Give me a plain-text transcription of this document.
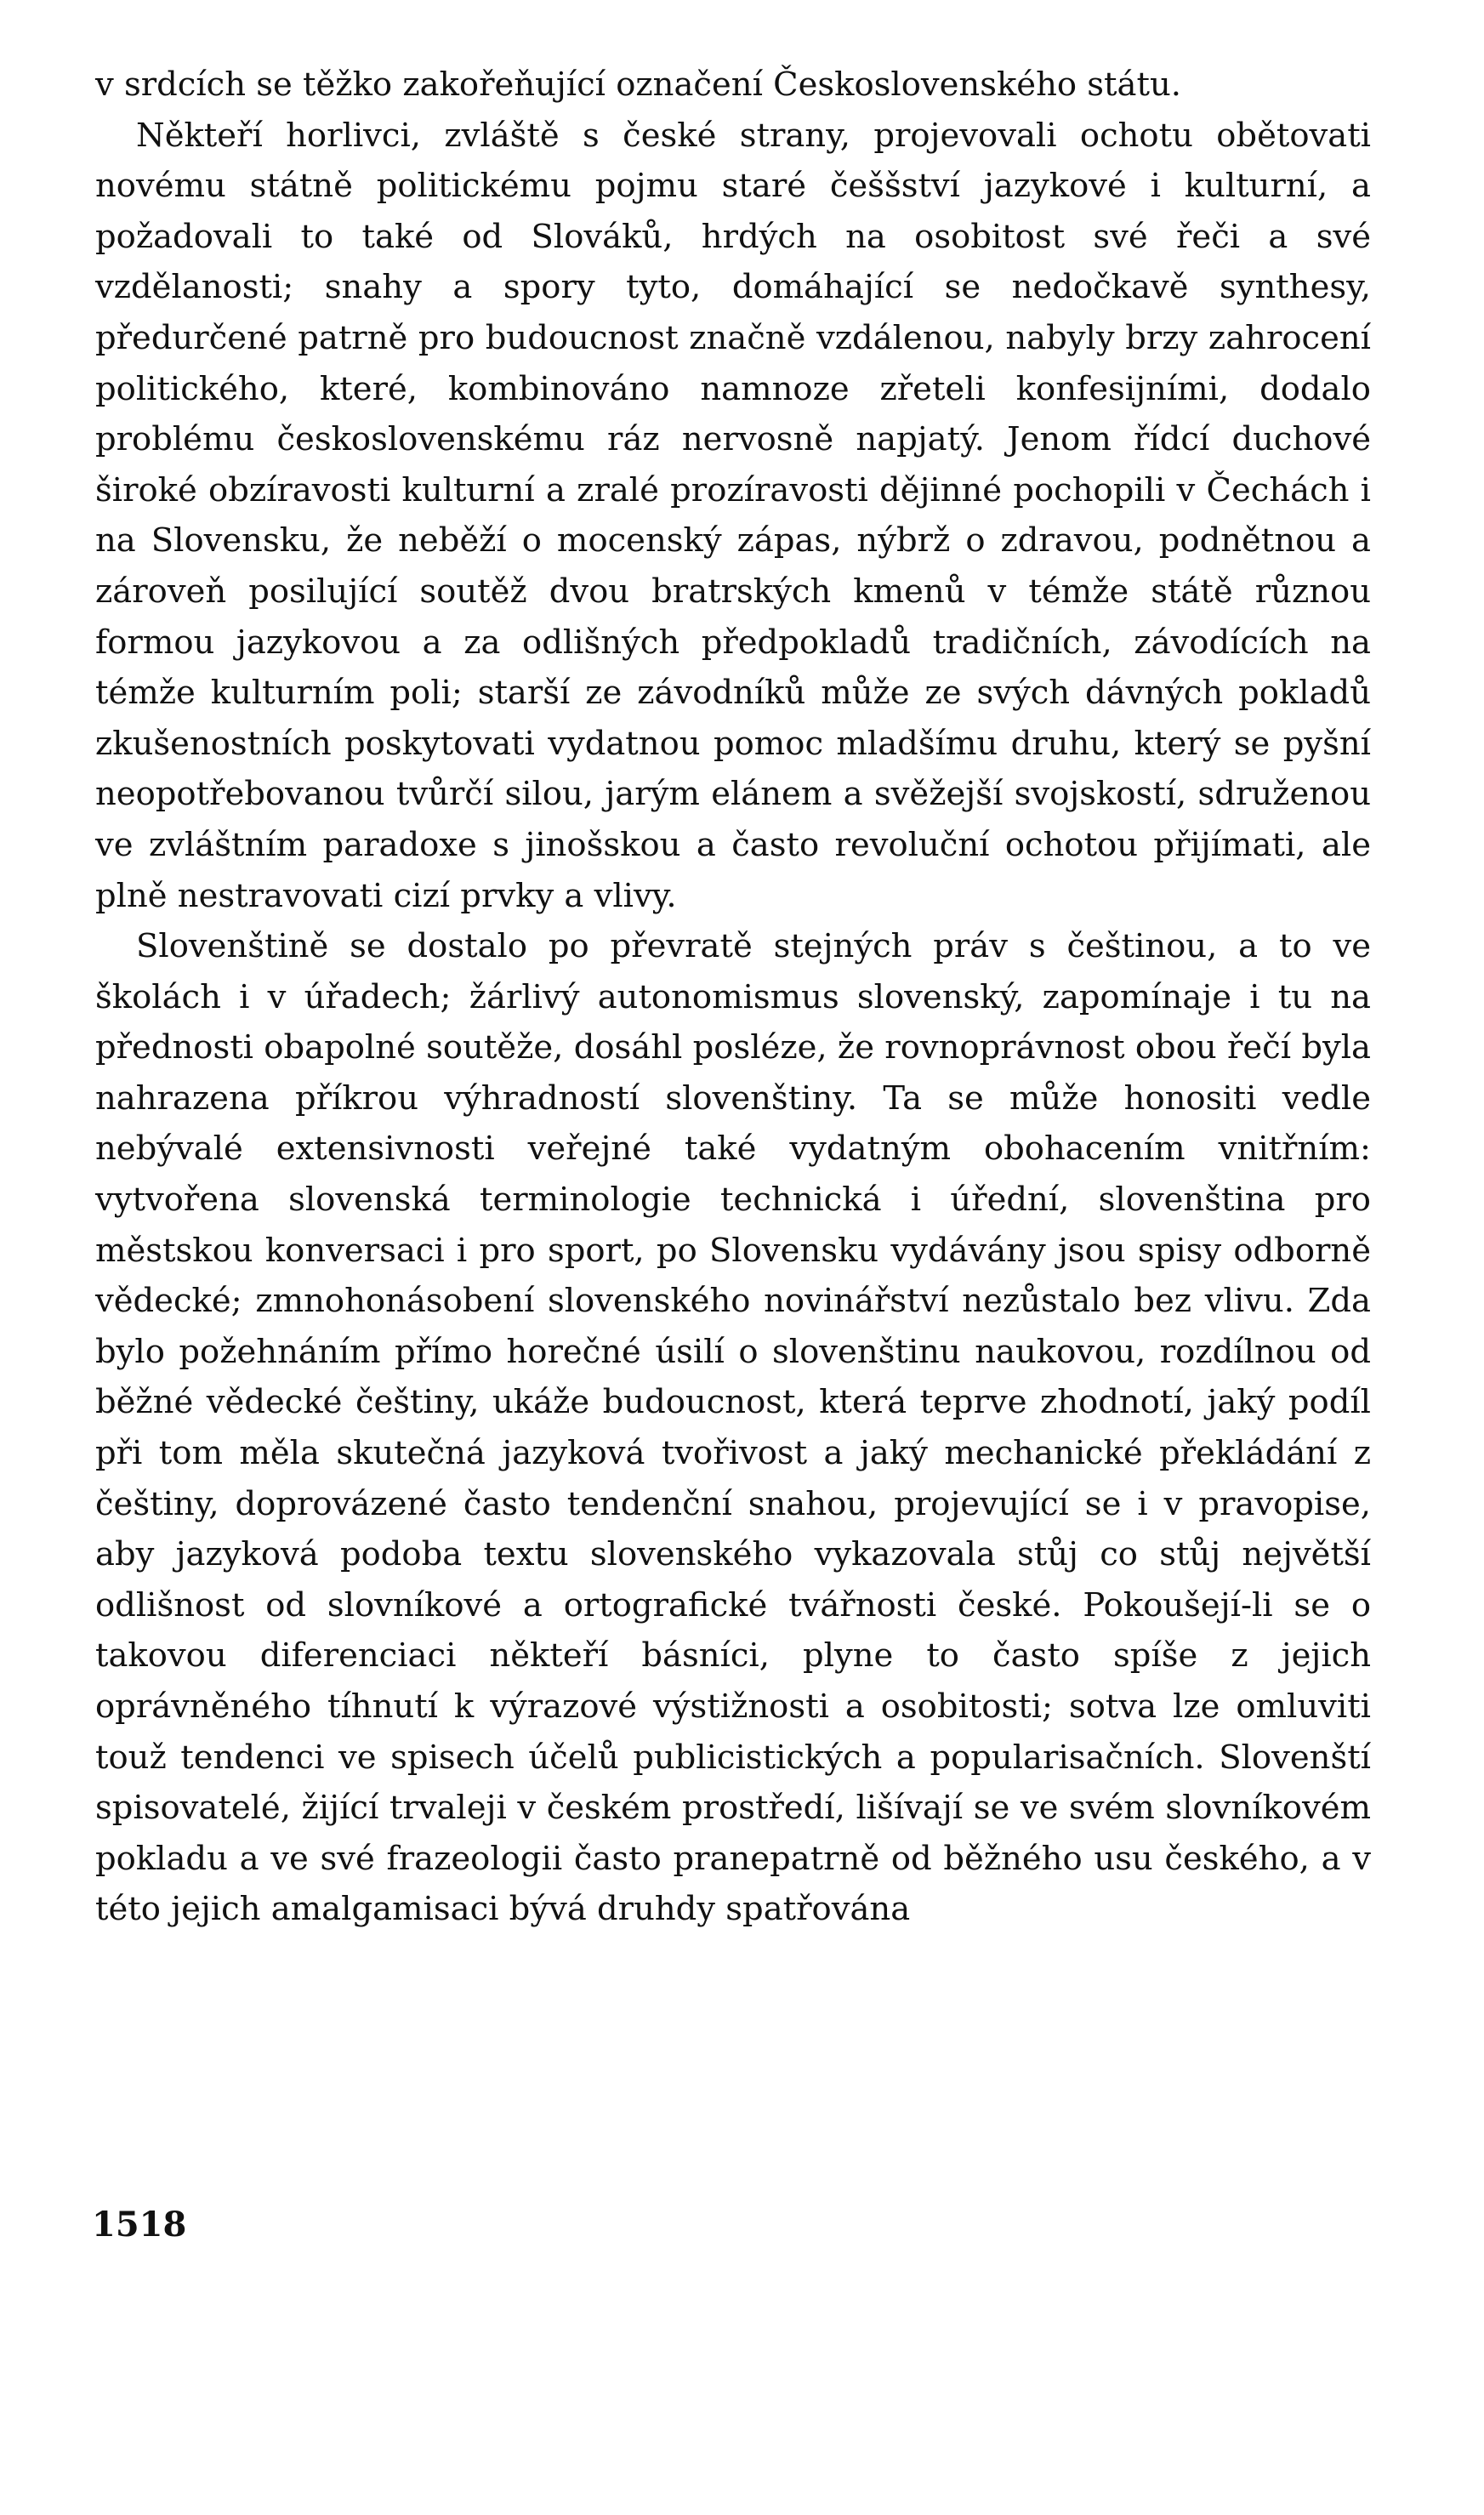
v srdcích se těžko zakořeňující označení Československého státu.

Někteří horlivci, zvláště s české strany, projevovali ochotu obětovati novému státně politickému pojmu staré češšství jazykové i kulturní, a požadovali to také od Slováků, hrdých na osobitost své řeči a své vzdělanosti; snahy a spory tyto, domáhající se nedočkavě synthesy, předurčené patrně pro budoucnost značně vzdálenou, nabyly brzy zahrocení politického, které, kombinováno namnoze zřeteli konfesijními, dodalo problému československému ráz nervosně napjatý. Jenom řídcí duchové široké obzíravosti kulturní a zralé prozíravosti dějinné pochopili v Čechách i na Slovensku, že neběží o mocenský zápas, nýbrž o zdravou, podnětnou a zároveň posilující soutěž dvou bratrských kmenů v témže státě různou formou jazykovou a za odlišných předpokladů tradičních, závodících na témže kulturním poli; starší ze závodníků může ze svých dávných pokladů zkušenostních poskytovati vydatnou pomoc mladšímu druhu, který se pyšní neopotřebovanou tvůrčí silou, jarým elánem a svěžejší svojskostí, sdruženou ve zvláštním paradoxe s jinošskou a často revoluční ochotou přijímati, ale plně nestravovati cizí prvky a vlivy.

Slovenštině se dostalo po převratě stejných práv s češtinou, a to ve školách i v úřadech; žárlivý autonomismus slovenský, zapomínaje i tu na přednosti obapolné soutěže, dosáhl posléze, že rovnoprávnost obou řečí byla nahrazena příkrou výhradností slovenštiny. Ta se může honositi vedle nebývalé extensivnosti veřejné také vydatným obohacením vnitřním: vytvořena slovenská terminologie technická i úřední, slovenština pro městskou konversaci i pro sport, po Slovensku vydávány jsou spisy odborně vědecké; zmnohonásobení slovenského novinářství nezůstalo bez vlivu. Zda bylo požehnáním přímo horečné úsilí o slovenštinu naukovou, rozdílnou od běžné vědecké češtiny, ukáže budoucnost, která teprve zhodnotí, jaký podíl při tom měla skutečná jazyková tvořivost a jaký mechanické překládání z češtiny, doprovázené často tendenční snahou, projevující se i v pravopise, aby jazyková podoba textu slovenského vykazovala stůj co stůj největší odlišnost od slovníkové a ortografické tvářnosti české. Pokoušejí-li se o takovou diferenciaci někteří básníci, plyne to často spíše z jejich oprávněného tíhnutí k výrazové výstižnosti a osobitosti; sotva lze omluviti touž tendenci ve spisech účelů publicistických a popularisačních. Slovenští spisovatelé, žijící trvaleji v českém prostředí, lišívají se ve svém slovníkovém pokladu a ve své frazeologii často pranepatrně od běžného usu českého, a v této jejich amalgamisaci bývá druhdy spatřována

1518
